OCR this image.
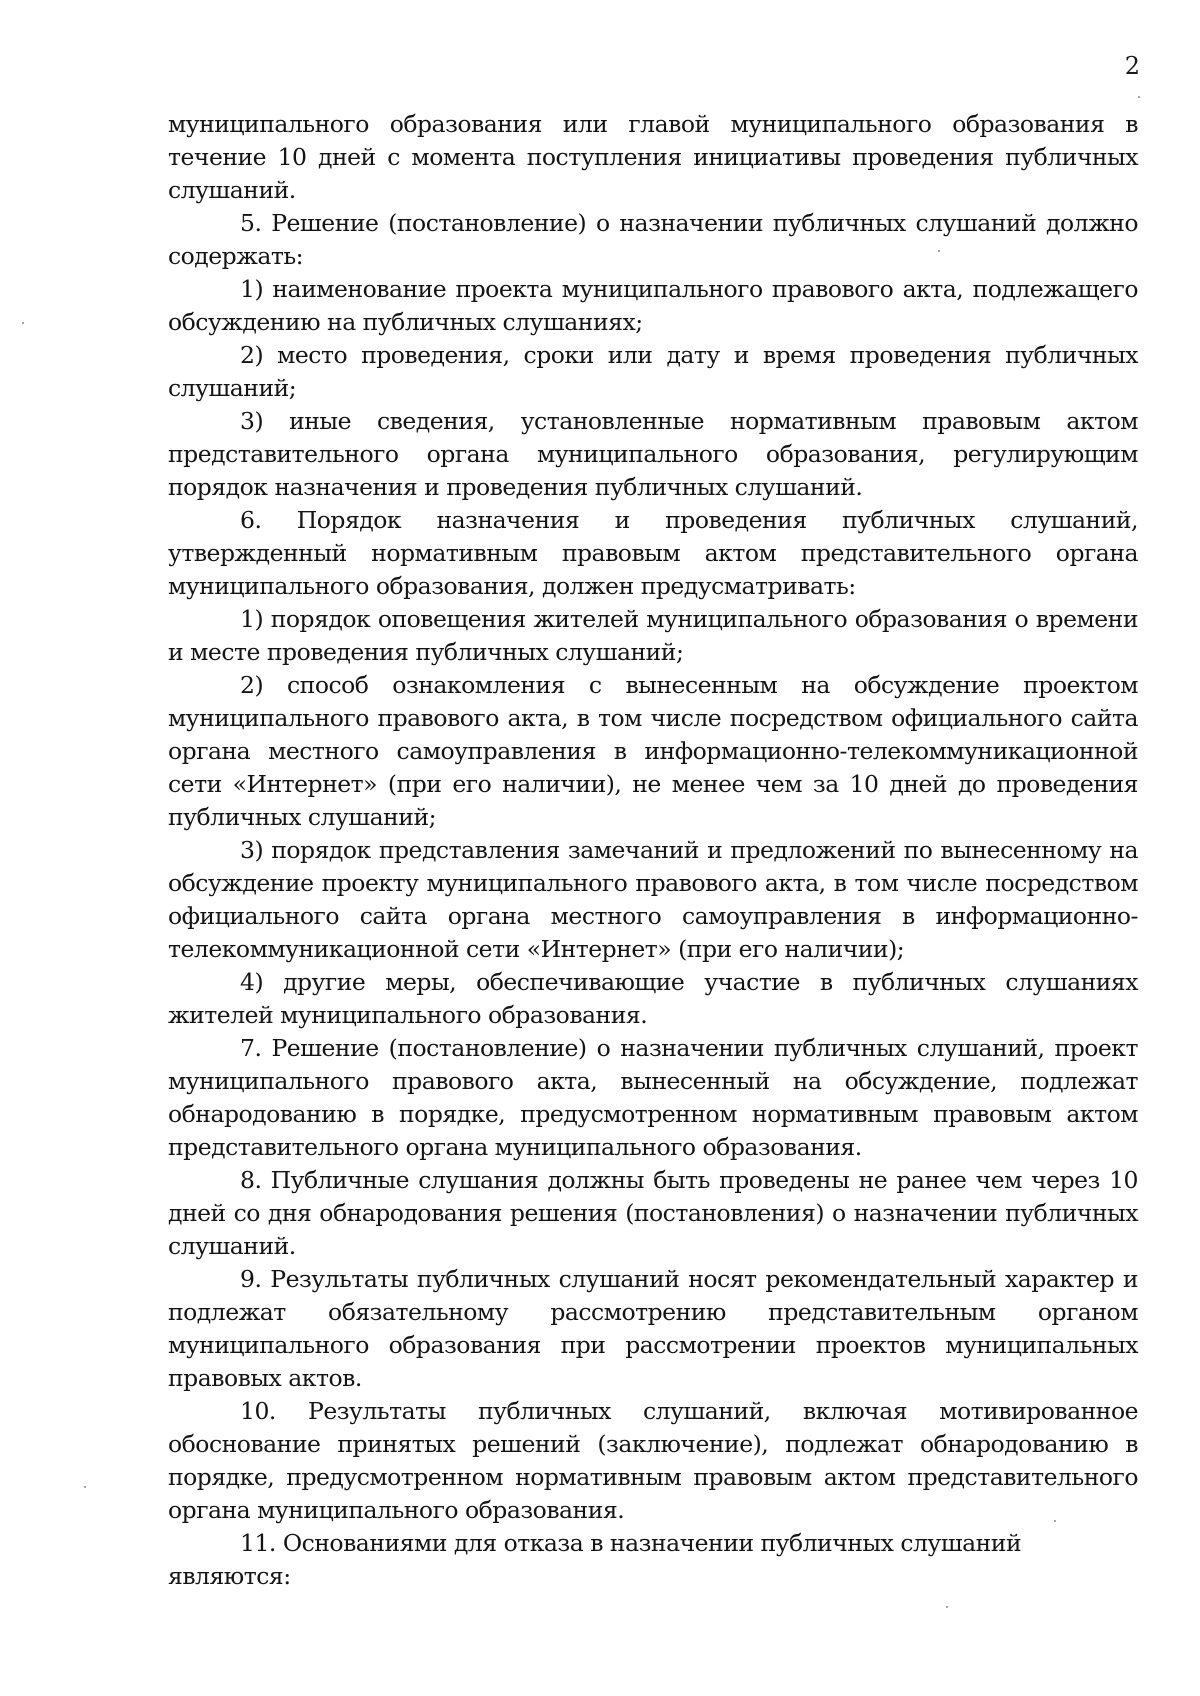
2

муниципального образования или главой муниципального образования в течение 10 дней с момента поступления инициативы проведения публичных слушаний.

5. Решение (постановление) о назначении публичных слушаний должно содержать:

1) наименование проекта муниципального правового акта, подлежащего обсуждению на публичных слушаниях;

2) место проведения, сроки или дату и время проведения публичных слушаний;

3) иные сведения, установленные нормативным правовым актом представительного органа муниципального образования, регулирующим порядок назначения и проведения публичных слушаний.

6. Порядок назначения и проведения публичных слушаний, утвержденный нормативным правовым актом представительного органа муниципального образования, должен предусматривать:

1) порядок оповещения жителей муниципального образования о времени и месте проведения публичных слушаний;

2) способ ознакомления с вынесенным на обсуждение проектом муниципального правового акта, в том числе посредством официального сайта органа местного самоуправления в информационно-телекоммуникационной сети «Интернет» (при его наличии), не менее чем за 10 дней до проведения публичных слушаний;

3) порядок представления замечаний и предложений по вынесенному на обсуждение проекту муниципального правового акта, в том числе посредством официального сайта органа местного самоуправления в информационно-телекоммуникационной сети «Интернет» (при его наличии);

4) другие меры, обеспечивающие участие в публичных слушаниях жителей муниципального образования.

7. Решение (постановление) о назначении публичных слушаний, проект муниципального правового акта, вынесенный на обсуждение, подлежат обнародованию в порядке, предусмотренном нормативным правовым актом представительного органа муниципального образования.

8. Публичные слушания должны быть проведены не ранее чем через 10 дней со дня обнародования решения (постановления) о назначении публичных слушаний.

9. Результаты публичных слушаний носят рекомендательный характер и подлежат обязательному рассмотрению представительным органом муниципального образования при рассмотрении проектов муниципальных правовых актов.

10. Результаты публичных слушаний, включая мотивированное обоснование принятых решений (заключение), подлежат обнародованию в порядке, предусмотренном нормативным правовым актом представительного органа муниципального образования.

11. Основаниями для отказа в назначении публичных слушаний являются:
